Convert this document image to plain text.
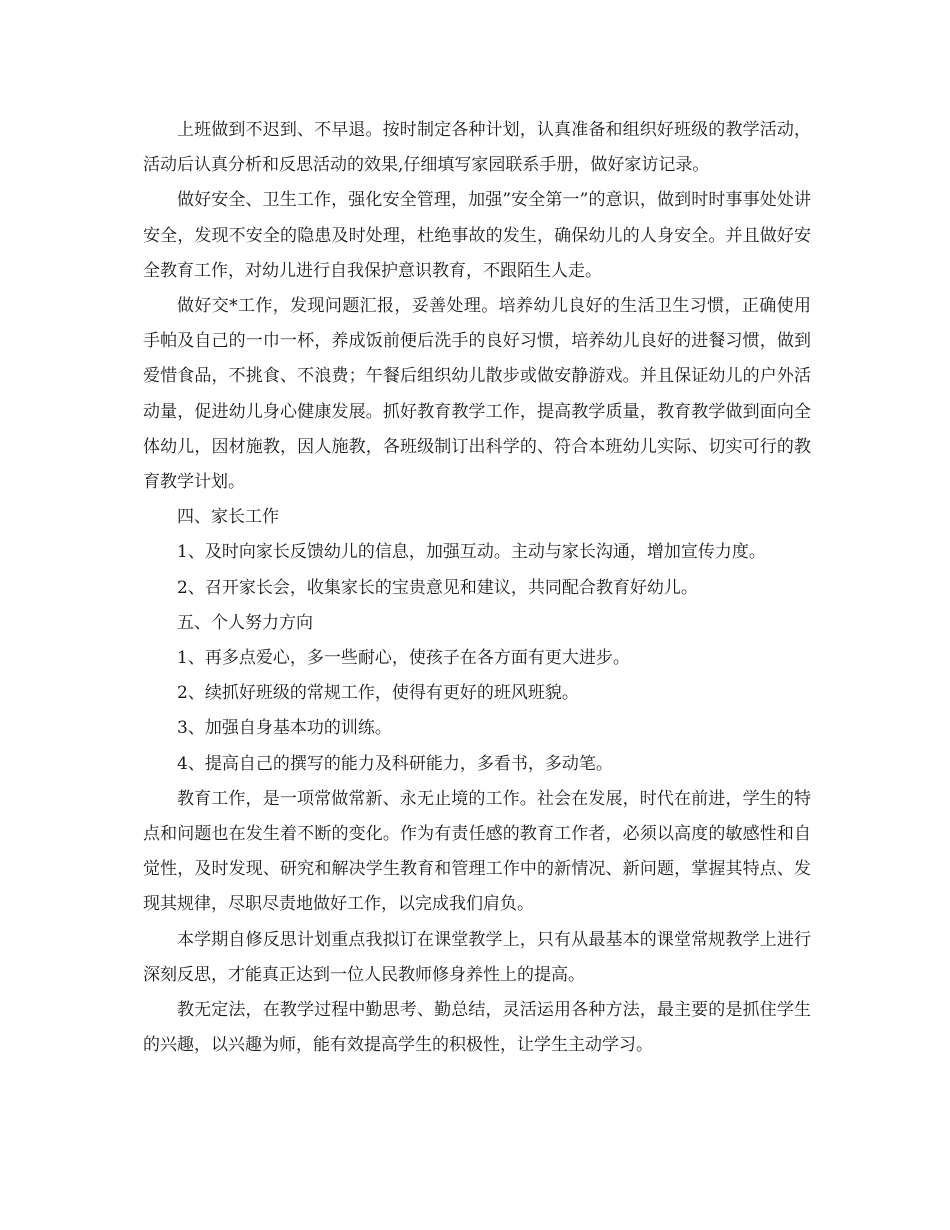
上班做到不迟到、不早退。按时制定各种计划，认真准备和组织好班级的教学活动，活动后认真分析和反思活动的效果,仔细填写家园联系手册，做好家访记录。

做好安全、卫生工作，强化安全管理，加强”安全第一”的意识，做到时时事事处处讲安全，发现不安全的隐患及时处理，杜绝事故的发生，确保幼儿的人身安全。并且做好安全教育工作，对幼儿进行自我保护意识教育，不跟陌生人走。

做好交*工作，发现问题汇报，妥善处理。培养幼儿良好的生活卫生习惯，正确使用手帕及自己的一巾一杯，养成饭前便后洗手的良好习惯，培养幼儿良好的进餐习惯，做到爱惜食品，不挑食、不浪费；午餐后组织幼儿散步或做安静游戏。并且保证幼儿的户外活动量，促进幼儿身心健康发展。抓好教育教学工作，提高教学质量，教育教学做到面向全体幼儿，因材施教，因人施教，各班级制订出科学的、符合本班幼儿实际、切实可行的教育教学计划。

四、家长工作

1、及时向家长反馈幼儿的信息，加强互动。主动与家长沟通，增加宣传力度。

2、召开家长会，收集家长的宝贵意见和建议，共同配合教育好幼儿。

五、个人努力方向

1、再多点爱心，多一些耐心，使孩子在各方面有更大进步。

2、续抓好班级的常规工作，使得有更好的班风班貌。

3、加强自身基本功的训练。

4、提高自己的撰写的能力及科研能力，多看书，多动笔。

教育工作，是一项常做常新、永无止境的工作。社会在发展，时代在前进，学生的特点和问题也在发生着不断的变化。作为有责任感的教育工作者，必须以高度的敏感性和自觉性，及时发现、研究和解决学生教育和管理工作中的新情况、新问题，掌握其特点、发现其规律，尽职尽责地做好工作，以完成我们肩负。

本学期自修反思计划重点我拟订在课堂教学上，只有从最基本的课堂常规教学上进行深刻反思，才能真正达到一位人民教师修身养性上的提高。

教无定法，在教学过程中勤思考、勤总结，灵活运用各种方法，最主要的是抓住学生的兴趣，以兴趣为师，能有效提高学生的积极性，让学生主动学习。
